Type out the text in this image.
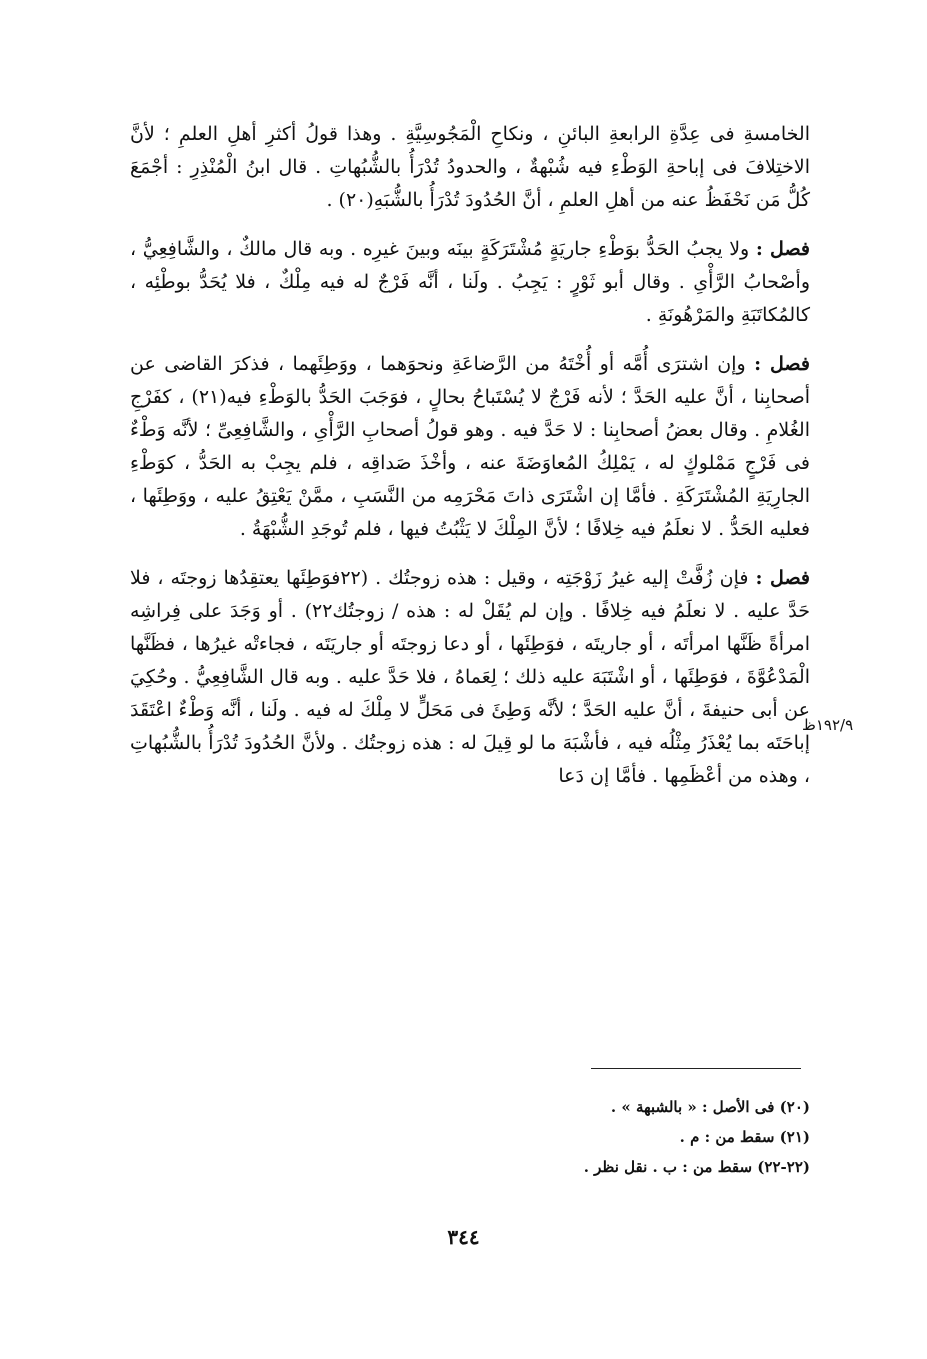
الخامسةِ فى عِدَّةِ الرابعةِ البائنِ ، ونكاحِ الْمَجُوسِيَّةِ . وهذا قولُ أكثرِ أهلِ العلمِ ؛ لأنَّ الاختِلافَ فى إباحةِ الوَطْءِ فيه شُبْهةٌ ، والحدودُ تُدْرَأُ بالشُّبُهاتِ . قال ابنُ الْمُنْذِرِ : أجْمَعَ كُلُّ مَن نَحْفَظُ عنه من أهلِ العلمِ ، أنَّ الحُدُودَ تُدْرَأُ بالشُّبَهِ(٢٠) .

فصل : ولا يجبُ الحَدُّ بوَطْءِ جاريَةٍ مُشْتَرَكَةٍ بينَه وبينَ غيرِه . وبه قال مالكٌ ، والشَّافِعِيُّ ، وأصْحابُ الرَّأْىِ . وقال أبو ثَوْرٍ : يَجِبُ . ولَنا ، أنَّه فَرْجٌ له فيه مِلْكٌ ، فلا يُحَدُّ بوطْئِه ، كالمُكاتَبَةِ والمَرْهُونَةِ .

فصل : وإن اشترَى أُمَّه أو أُخْتَهُ من الرَّضاعَةِ ونحوَهما ، ووَطِئَهما ، فذكرَ القاضى عن أصحابِنا ، أنَّ عليه الحَدَّ ؛ لأنه فَرْجٌ لا يُسْتَباحُ بحالٍ ، فوَجَبَ الحَدُّ بالوَطْءِ فيه(٢١) ، كفَرْجِ الغُلامِ . وقال بعضُ أصحابِنا : لا حَدَّ فيه . وهو قولُ أصحابِ الرَّأْىِ ، والشَّافِعِىِّ ؛ لأنَّه وَطْءٌ فى فَرْجٍ مَمْلوكٍ له ، يَمْلِكُ المُعاوَضَةَ عنه ، وأخْذَ صَداقِه ، فلم يجِبْ به الحَدُّ ، كوَطْءِ الجارِيَةِ المُشْتَرَكَةِ . فأمَّا إن اشْتَرَى ذاتَ مَحْرَمِه من النَّسَبِ ، ممَّنْ يَعْتِقُ عليه ، ووَطِئَها ، فعليه الحَدُّ . لا نعلَمُ فيه خِلافًا ؛ لأنَّ المِلْكَ لا يَثْبُتُ فيها ، فلم تُوجَدِ الشُّبْهَةُ .

فصل : فإن زُفَّتْ إليه غيرُ زَوْجَتِه ، وقيل : هذه زوجتُك . (٢٢فوَطِئَها يعتقِدُها زوجتَه ، فلا حَدَّ عليه . لا نعلَمُ فيه خِلافًا . وإن لم يُقَلْ له : هذه / زوجتُك٢٢) . أو وَجَدَ على فِراشِه امرأةً ظَنَّها امرأتَه ، أو جاريتَه ، فوَطِئَها ، أو دعا زوجتَه أو جاريَتَه ، فجاءتْه غيرُها ، فظَنَّها الْمَدْعُوَّةَ ، فوَطِئَها ، أو اشْتَبَهَ عليه ذلك ؛ لِعَماهُ ، فلا حَدَّ عليه . وبه قال الشَّافِعِيُّ . وحُكِيَ عن أبى حنيفةَ ، أنَّ عليه الحَدَّ ؛ لأنَّه وَطِئَ فى مَحَلٍّ لا مِلْكَ له فيه . ولَنا ، أنَّه وَطْءٌ اعْتَقَدَ إباحَتَه بما يُعْذَرُ مِثْلُه فيه ، فأشْبَهَ ما لو قِيلَ له : هذه زوجتُك . ولأنَّ الحُدُودَ تُدْرَأُ بالشُّبُهاتِ ، وهذه من أعْظَمِها . فأمَّا إن دَعا

١٩٢/٩ظ

(٢٠) فى الأصل : « بالشبهة » .

(٢١) سقط من : م .

(٢٢-٢٢) سقط من : ب . نقل نظر .

٣٤٤
